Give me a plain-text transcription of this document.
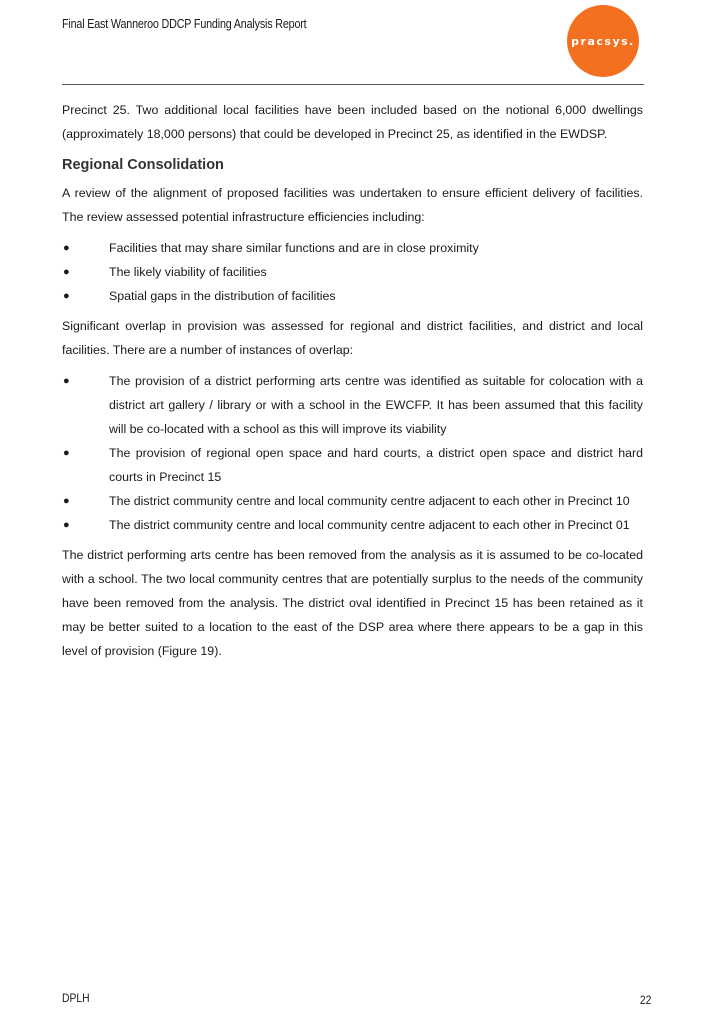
Final East Wanneroo DDCP Funding Analysis Report
pracsys.

Precinct 25. Two additional local facilities have been included based on the notional 6,000 dwellings (approximately 18,000 persons) that could be developed in Precinct 25, as identified in the EWDSP.

Regional Consolidation

A review of the alignment of proposed facilities was undertaken to ensure efficient delivery of facilities. The review assessed potential infrastructure efficiencies including:

●	Facilities that may share similar functions and are in close proximity
●	The likely viability of facilities
●	Spatial gaps in the distribution of facilities

Significant overlap in provision was assessed for regional and district facilities, and district and local facilities. There are a number of instances of overlap:

●	The provision of a district performing arts centre was identified as suitable for colocation with a district art gallery / library or with a school in the EWCFP. It has been assumed that this facility will be co-located with a school as this will improve its viability
●	The provision of regional open space and hard courts, a district open space and district hard courts in Precinct 15
●	The district community centre and local community centre adjacent to each other in Precinct 10
●	The district community centre and local community centre adjacent to each other in Precinct 01

The district performing arts centre has been removed from the analysis as it is assumed to be co-located with a school. The two local community centres that are potentially surplus to the needs of the community have been removed from the analysis. The district oval identified in Precinct 15 has been retained as it may be better suited to a location to the east of the DSP area where there appears to be a gap in this level of provision (Figure 19).

DPLH	22
